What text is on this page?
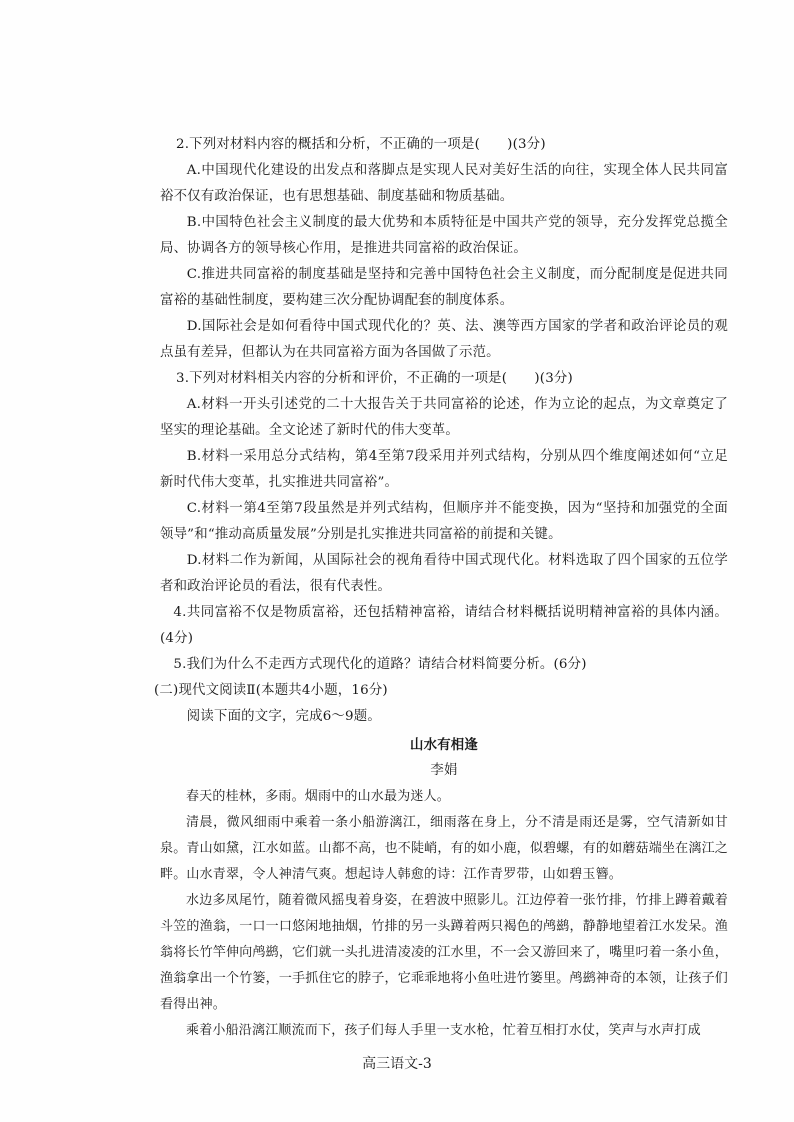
2.下列对材料内容的概括和分析，不正确的一项是(　　)(3分)

A.中国现代化建设的出发点和落脚点是实现人民对美好生活的向往，实现全体人民共同富裕不仅有政治保证，也有思想基础、制度基础和物质基础。

B.中国特色社会主义制度的最大优势和本质特征是中国共产党的领导，充分发挥党总揽全局、协调各方的领导核心作用，是推进共同富裕的政治保证。

C.推进共同富裕的制度基础是坚持和完善中国特色社会主义制度，而分配制度是促进共同富裕的基础性制度，要构建三次分配协调配套的制度体系。

D.国际社会是如何看待中国式现代化的？英、法、澳等西方国家的学者和政治评论员的观点虽有差异，但都认为在共同富裕方面为各国做了示范。

3.下列对材料相关内容的分析和评价，不正确的一项是(　　)(3分)

A.材料一开头引述党的二十大报告关于共同富裕的论述，作为立论的起点，为文章奠定了坚实的理论基础。全文论述了新时代的伟大变革。

B.材料一采用总分式结构，第4至第7段采用并列式结构，分别从四个维度阐述如何“立足新时代伟大变革，扎实推进共同富裕”。

C.材料一第4至第7段虽然是并列式结构，但顺序并不能变换，因为“坚持和加强党的全面领导”和“推动高质量发展”分别是扎实推进共同富裕的前提和关键。

D.材料二作为新闻，从国际社会的视角看待中国式现代化。材料选取了四个国家的五位学者和政治评论员的看法，很有代表性。

4.共同富裕不仅是物质富裕，还包括精神富裕，请结合材料概括说明精神富裕的具体内涵。(4分)

5.我们为什么不走西方式现代化的道路？请结合材料简要分析。(6分)

(二)现代文阅读Ⅱ(本题共4小题，16分)

阅读下面的文字，完成6～9题。

山水有相逢

李娟

春天的桂林，多雨。烟雨中的山水最为迷人。

清晨，微风细雨中乘着一条小船游漓江，细雨落在身上，分不清是雨还是雾，空气清新如甘泉。青山如黛，江水如蓝。山都不高，也不陡峭，有的如小鹿，似碧螺，有的如蘑菇端坐在漓江之畔。山水青翠，令人神清气爽。想起诗人韩愈的诗：江作青罗带，山如碧玉簪。

水边多凤尾竹，随着微风摇曳着身姿，在碧波中照影儿。江边停着一张竹排，竹排上蹲着戴着斗笠的渔翁，一口一口悠闲地抽烟，竹排的另一头蹲着两只褐色的鸬鹚，静静地望着江水发呆。渔翁将长竹竿伸向鸬鹚，它们就一头扎进清凌凌的江水里，不一会又游回来了，嘴里叼着一条小鱼，渔翁拿出一个竹篓，一手抓住它的脖子，它乖乖地将小鱼吐进竹篓里。鸬鹚神奇的本领，让孩子们看得出神。

乘着小船沿漓江顺流而下，孩子们每人手里一支水枪，忙着互相打水仗，笑声与水声打成

高三语文-3
